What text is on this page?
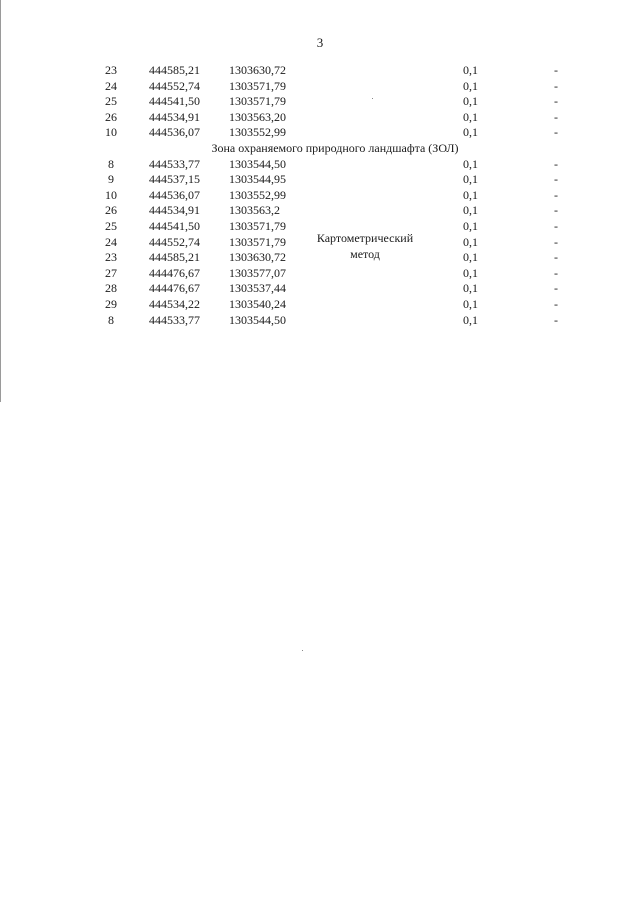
3
23	444585,21 1303630,72	0,1	-
24	444552,74 1303571,79	0,1	-
25	444541,50 1303571,79	0,1	-
26	444534,91 1303563,20	0,1	-
10	444536,07 1303552,99	0,1	-
Зона охраняемого природного ландшафта (ЗОЛ)
8	444533,77 1303544,50	0,1	-
9	444537,15 1303544,95	0,1	-
10	444536,07 1303552,99	0,1	-
26	444534,91 1303563,2	0,1	-
25	444541,50 1303571,79	0,1	-
24	444552,74 1303571,79	0,1	-
23	444585,21 1303630,72	0,1	-
27	444476,67 1303577,07	0,1	-
28	444476,67 1303537,44	0,1	-
29	444534,22 1303540,24	0,1	-
8	444533,77 1303544,50	0,1	-
Картометрический
метод
